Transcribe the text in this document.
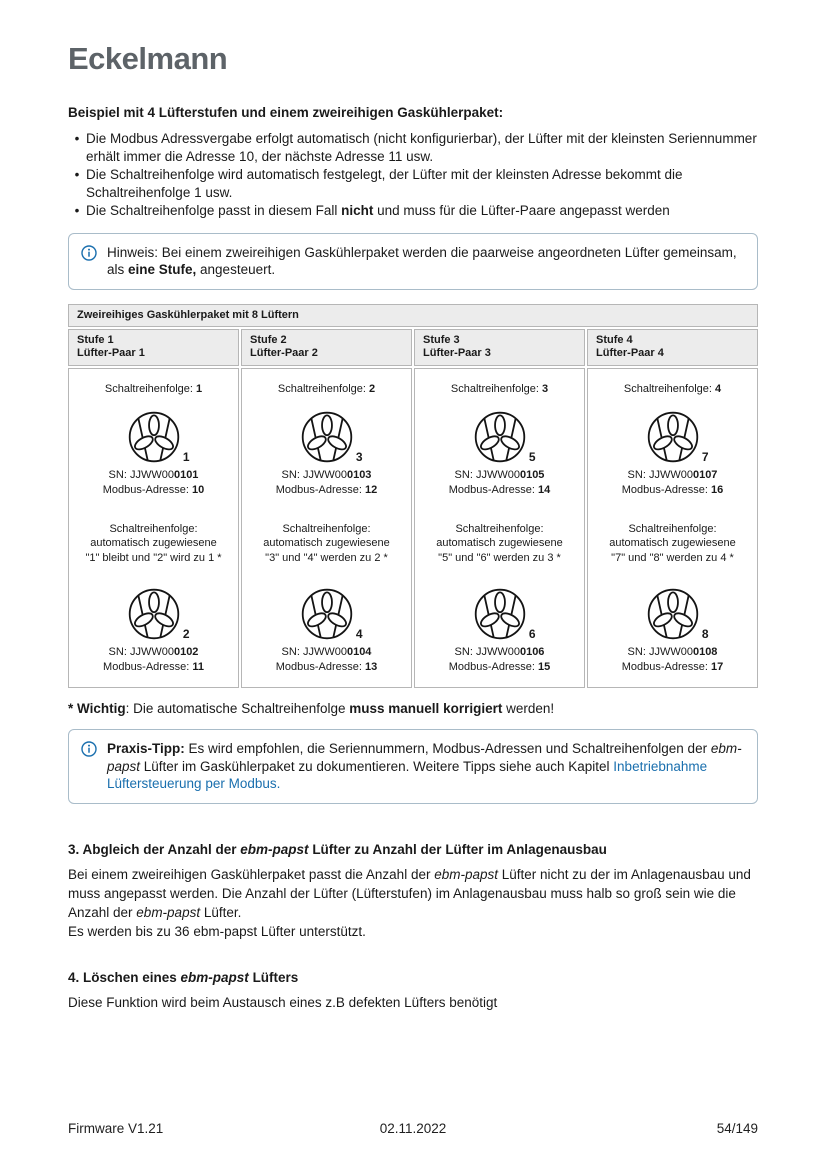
Eckelmann
Beispiel mit 4 Lüfterstufen und einem zweireihigen Gaskühlerpaket:
• Die Modbus Adressvergabe erfolgt automatisch (nicht konfigurierbar), der Lüfter mit der kleinsten Seriennummer erhält immer die Adresse 10, der nächste Adresse 11 usw.
• Die Schaltreihenfolge wird automatisch festgelegt, der Lüfter mit der kleinsten Adresse bekommt die Schaltreihenfolge 1 usw.
• Die Schaltreihenfolge passt in diesem Fall nicht und muss für die Lüfter-Paare angepasst werden
Hinweis: Bei einem zweireihigen Gaskühlerpaket werden die paarweise angeordneten Lüfter gemeinsam, als eine Stufe, angesteuert.
Zweireihiges Gaskühlerpaket mit 8 Lüftern
Stufe 1
Lüfter-Paar 1
Stufe 2
Lüfter-Paar 2
Stufe 3
Lüfter-Paar 3
Stufe 4
Lüfter-Paar 4
Schaltreihenfolge: 1
1
SN: JJWW000101
Modbus-Adresse: 10
Schaltreihenfolge:
automatisch zugewiesene
"1" bleibt und "2" wird zu 1 *
2
SN: JJWW000102
Modbus-Adresse: 11
Schaltreihenfolge: 2
3
SN: JJWW000103
Modbus-Adresse: 12
Schaltreihenfolge:
automatisch zugewiesene
"3" und "4" werden zu 2 *
4
SN: JJWW000104
Modbus-Adresse: 13
Schaltreihenfolge: 3
5
SN: JJWW000105
Modbus-Adresse: 14
Schaltreihenfolge:
automatisch zugewiesene
"5" und "6" werden zu 3 *
6
SN: JJWW000106
Modbus-Adresse: 15
Schaltreihenfolge: 4
7
SN: JJWW000107
Modbus-Adresse: 16
Schaltreihenfolge:
automatisch zugewiesene
"7" und "8" werden zu 4 *
8
SN: JJWW000108
Modbus-Adresse: 17
* Wichtig: Die automatische Schaltreihenfolge muss manuell korrigiert werden!
Praxis-Tipp: Es wird empfohlen, die Seriennummern, Modbus-Adressen und Schaltreihenfolgen der ebm-papst Lüfter im Gaskühlerpaket zu dokumentieren. Weitere Tipps siehe auch Kapitel Inbetriebnahme Lüftersteuerung per Modbus.
3. Abgleich der Anzahl der ebm-papst Lüfter zu Anzahl der Lüfter im Anlagenausbau
Bei einem zweireihigen Gaskühlerpaket passt die Anzahl der ebm-papst Lüfter nicht zu der im Anlagenausbau und muss angepasst werden. Die Anzahl der Lüfter (Lüfterstufen) im Anlagenausbau muss halb so groß sein wie die Anzahl der ebm-papst Lüfter.
Es werden bis zu 36 ebm-papst Lüfter unterstützt.
4. Löschen eines ebm-papst Lüfters
Diese Funktion wird beim Austausch eines z.B defekten Lüfters benötigt
Firmware V1.21	02.11.2022	54/149
